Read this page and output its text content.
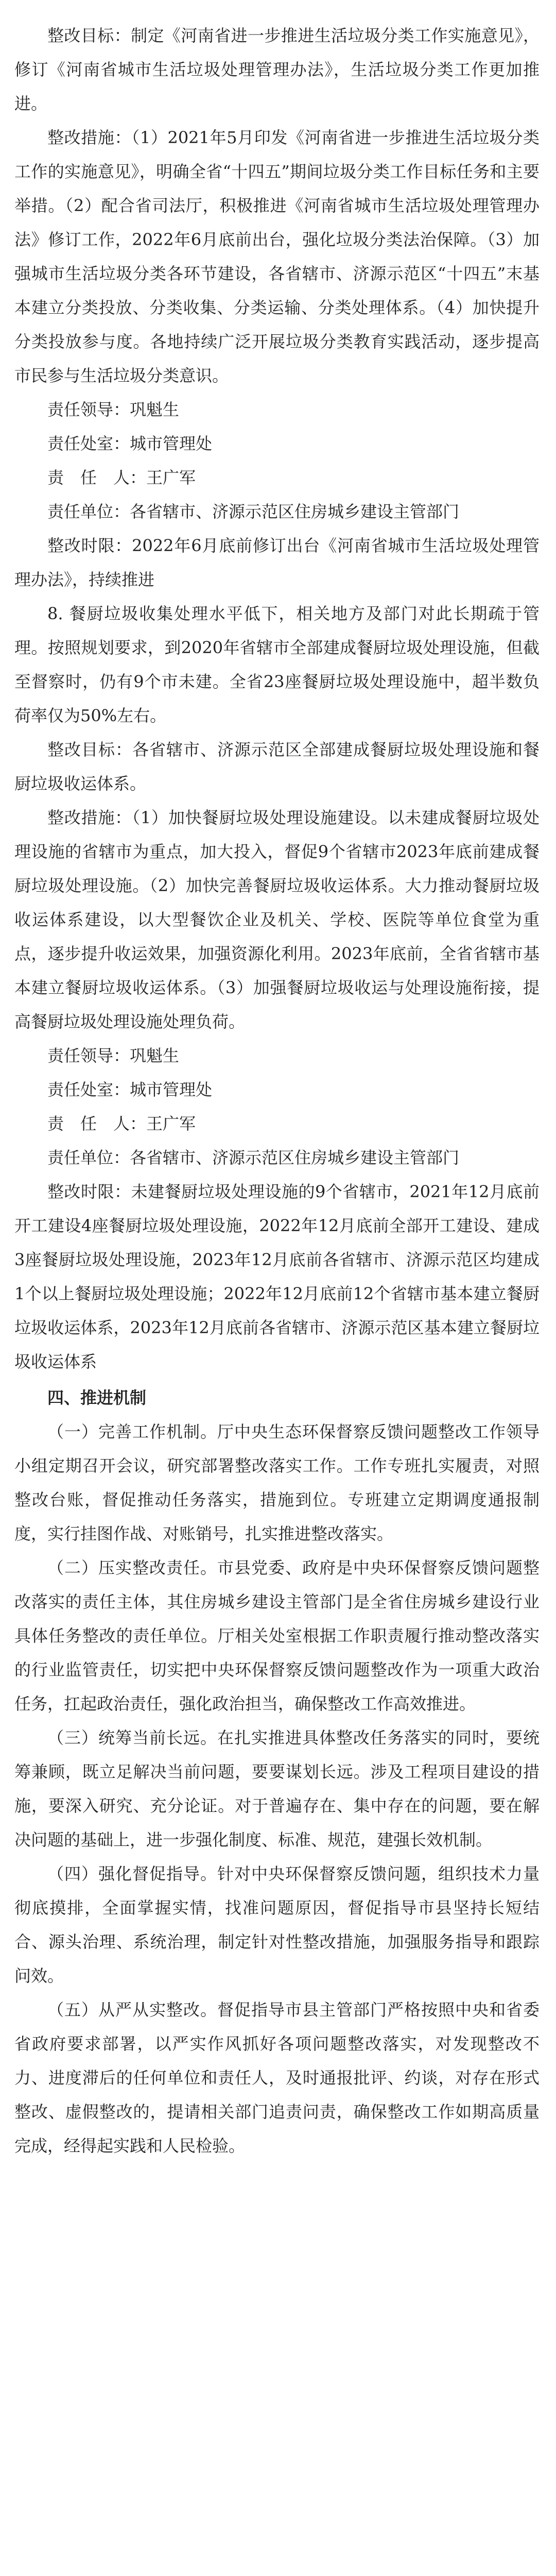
整改目标：制定《河南省进一步推进生活垃圾分类工作实施意见》，修订《河南省城市生活垃圾处理管理办法》，生活垃圾分类工作更加推进。

整改措施：（1）2021年5月印发《河南省进一步推进生活垃圾分类工作的实施意见》，明确全省“十四五”期间垃圾分类工作目标任务和主要举措。（2）配合省司法厅，积极推进《河南省城市生活垃圾处理管理办法》修订工作，2022年6月底前出台，强化垃圾分类法治保障。（3）加强城市生活垃圾分类各环节建设，各省辖市、济源示范区“十四五”末基本建立分类投放、分类收集、分类运输、分类处理体系。（4）加快提升分类投放参与度。各地持续广泛开展垃圾分类教育实践活动，逐步提高市民参与生活垃圾分类意识。

责任领导：巩魁生

责任处室：城市管理处

责　任　人：王广军

责任单位：各省辖市、济源示范区住房城乡建设主管部门

整改时限：2022年6月底前修订出台《河南省城市生活垃圾处理管理办法》，持续推进

8. 餐厨垃圾收集处理水平低下，相关地方及部门对此长期疏于管理。按照规划要求，到2020年省辖市全部建成餐厨垃圾处理设施，但截至督察时，仍有9个市未建。全省23座餐厨垃圾处理设施中，超半数负荷率仅为50%左右。

整改目标：各省辖市、济源示范区全部建成餐厨垃圾处理设施和餐厨垃圾收运体系。

整改措施：（1）加快餐厨垃圾处理设施建设。以未建成餐厨垃圾处理设施的省辖市为重点，加大投入，督促9个省辖市2023年底前建成餐厨垃圾处理设施。（2）加快完善餐厨垃圾收运体系。大力推动餐厨垃圾收运体系建设，以大型餐饮企业及机关、学校、医院等单位食堂为重点，逐步提升收运效果，加强资源化利用。2023年底前，全省省辖市基本建立餐厨垃圾收运体系。（3）加强餐厨垃圾收运与处理设施衔接，提高餐厨垃圾处理设施处理负荷。

责任领导：巩魁生

责任处室：城市管理处

责　任　人：王广军

责任单位：各省辖市、济源示范区住房城乡建设主管部门

整改时限：未建餐厨垃圾处理设施的9个省辖市，2021年12月底前开工建设4座餐厨垃圾处理设施，2022年12月底前全部开工建设、建成3座餐厨垃圾处理设施，2023年12月底前各省辖市、济源示范区均建成1个以上餐厨垃圾处理设施；2022年12月底前12个省辖市基本建立餐厨垃圾收运体系，2023年12月底前各省辖市、济源示范区基本建立餐厨垃圾收运体系

四、推进机制

（一）完善工作机制。厅中央生态环保督察反馈问题整改工作领导小组定期召开会议，研究部署整改落实工作。工作专班扎实履责，对照整改台账，督促推动任务落实，措施到位。专班建立定期调度通报制度，实行挂图作战、对账销号，扎实推进整改落实。

（二）压实整改责任。市县党委、政府是中央环保督察反馈问题整改落实的责任主体，其住房城乡建设主管部门是全省住房城乡建设行业具体任务整改的责任单位。厅相关处室根据工作职责履行推动整改落实的行业监管责任，切实把中央环保督察反馈问题整改作为一项重大政治任务，扛起政治责任，强化政治担当，确保整改工作高效推进。

（三）统筹当前长远。在扎实推进具体整改任务落实的同时，要统筹兼顾，既立足解决当前问题，要要谋划长远。涉及工程项目建设的措施，要深入研究、充分论证。对于普遍存在、集中存在的问题，要在解决问题的基础上，进一步强化制度、标准、规范，建强长效机制。

（四）强化督促指导。针对中央环保督察反馈问题，组织技术力量彻底摸排，全面掌握实情，找准问题原因，督促指导市县坚持长短结合、源头治理、系统治理，制定针对性整改措施，加强服务指导和跟踪问效。

（五）从严从实整改。督促指导市县主管部门严格按照中央和省委省政府要求部署，以严实作风抓好各项问题整改落实，对发现整改不力、进度滞后的任何单位和责任人，及时通报批评、约谈，对存在形式整改、虚假整改的，提请相关部门追责问责，确保整改工作如期高质量完成，经得起实践和人民检验。
